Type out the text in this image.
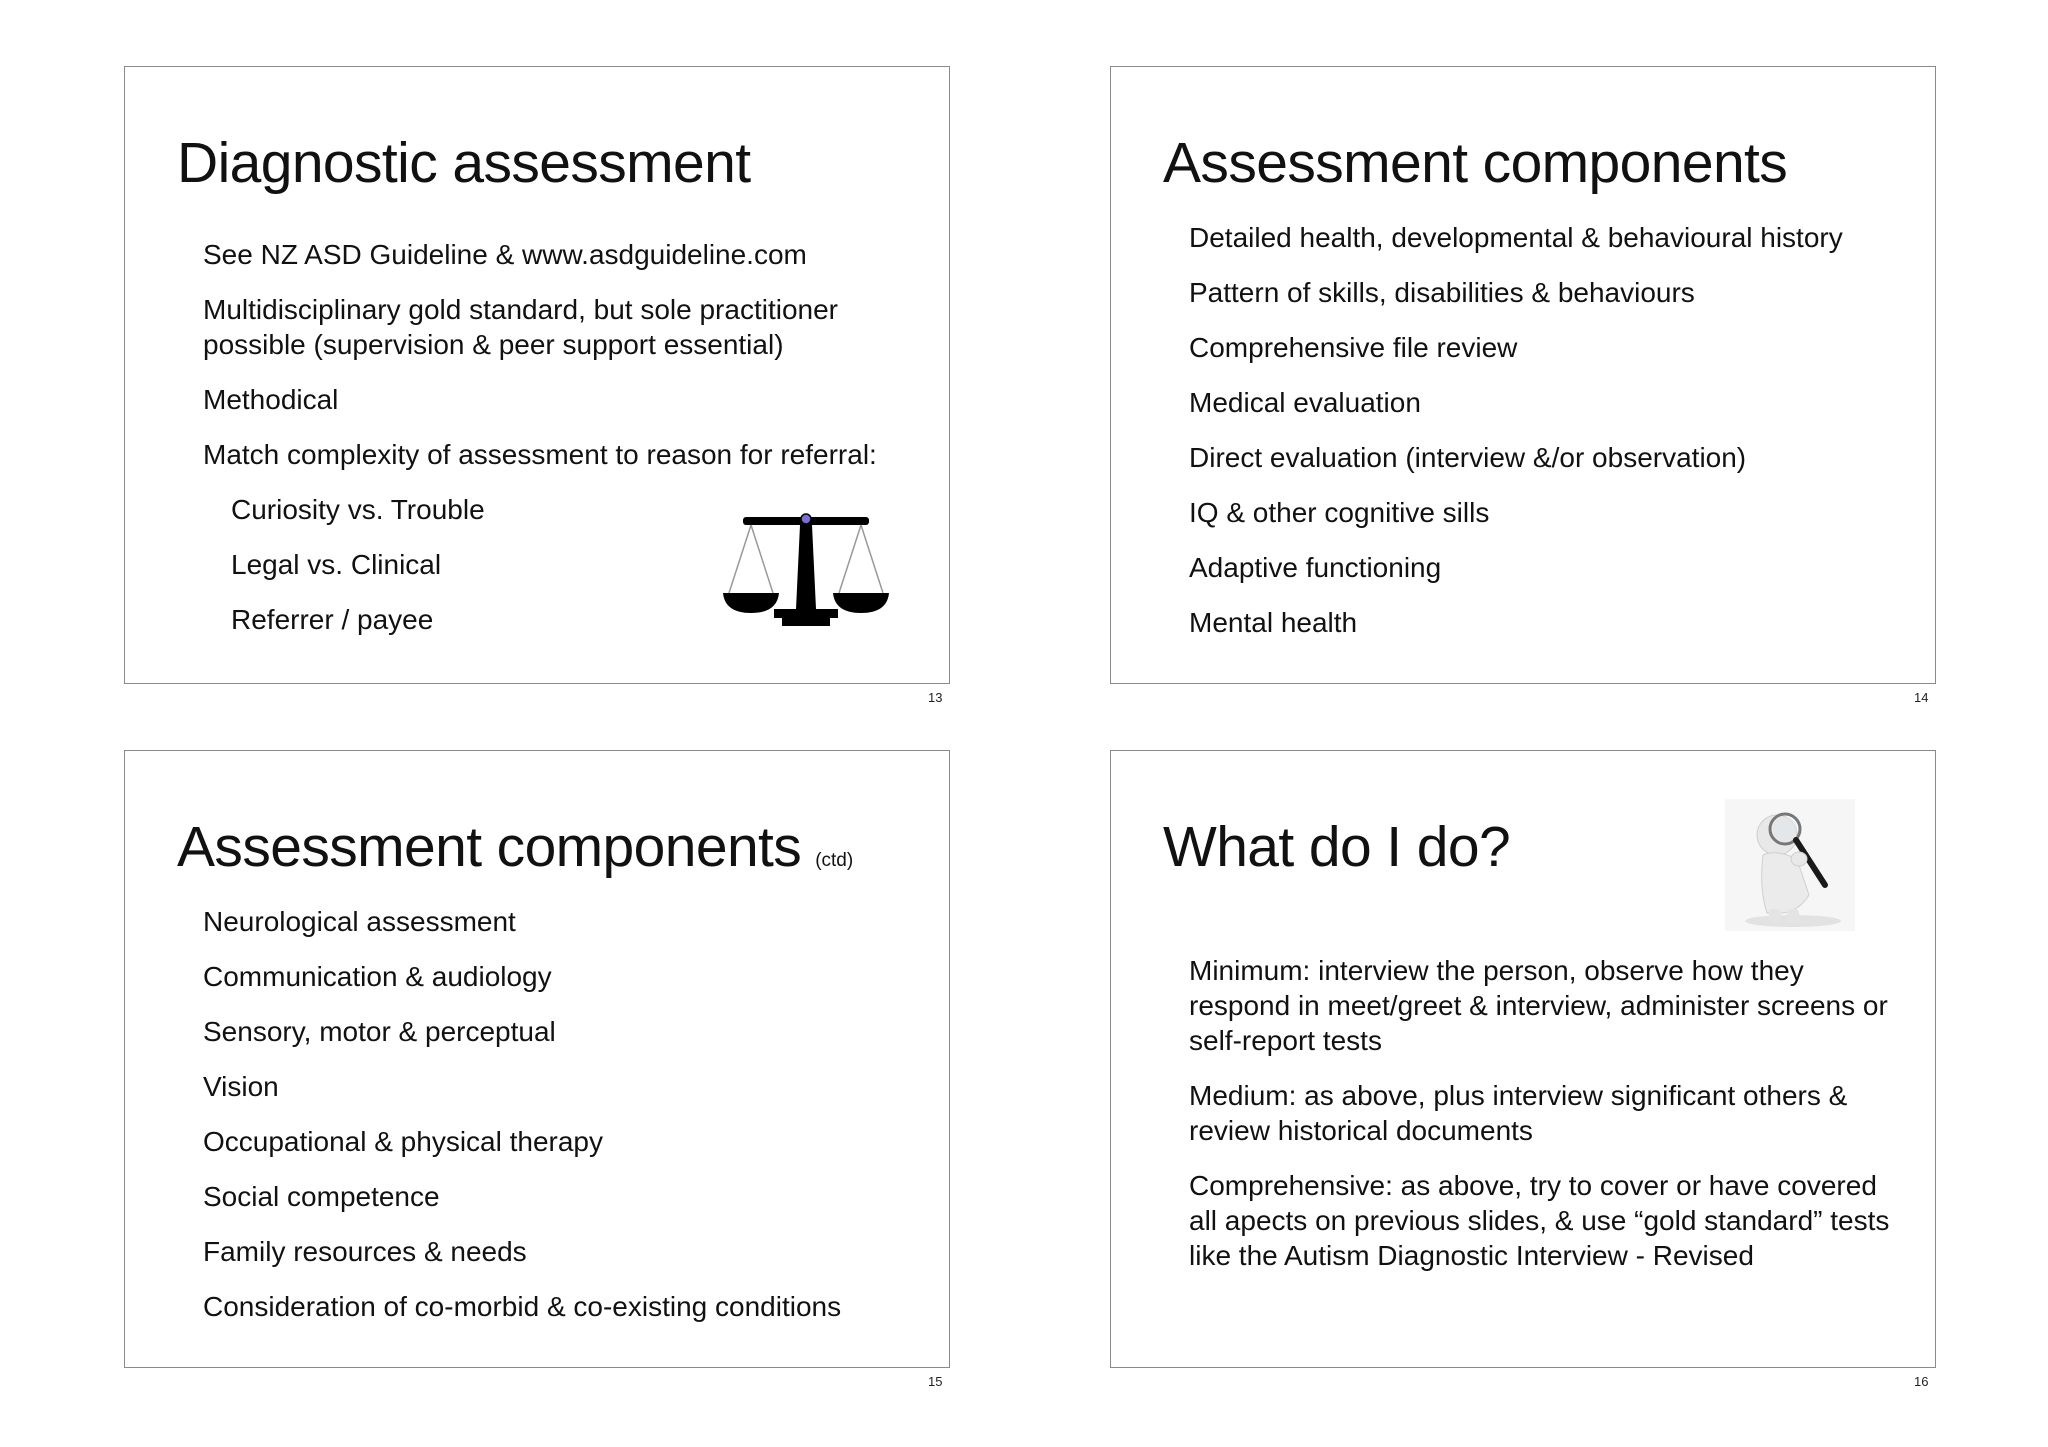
Diagnostic assessment
See NZ ASD Guideline & www.asdguideline.com
Multidisciplinary gold standard, but sole practitioner possible (supervision & peer support essential)
Methodical
Match complexity of assessment to reason for referral:
Curiosity vs. Trouble
Legal vs. Clinical
Referrer / payee
13
Assessment components
Detailed health, developmental & behavioural history
Pattern of skills, disabilities & behaviours
Comprehensive file review
Medical evaluation
Direct evaluation (interview &/or observation)
IQ & other cognitive sills
Adaptive functioning
Mental health
14
Assessment components (ctd)
Neurological assessment
Communication & audiology
Sensory, motor & perceptual
Vision
Occupational & physical therapy
Social competence
Family resources & needs
Consideration of co-morbid & co-existing conditions
15
What do I do?
Minimum: interview the person, observe how they respond in meet/greet & interview, administer screens or self-report tests
Medium: as above, plus interview significant others & review historical documents
Comprehensive: as above, try to cover or have covered all apects on previous slides, & use “gold standard” tests like the Autism Diagnostic Interview - Revised
16
